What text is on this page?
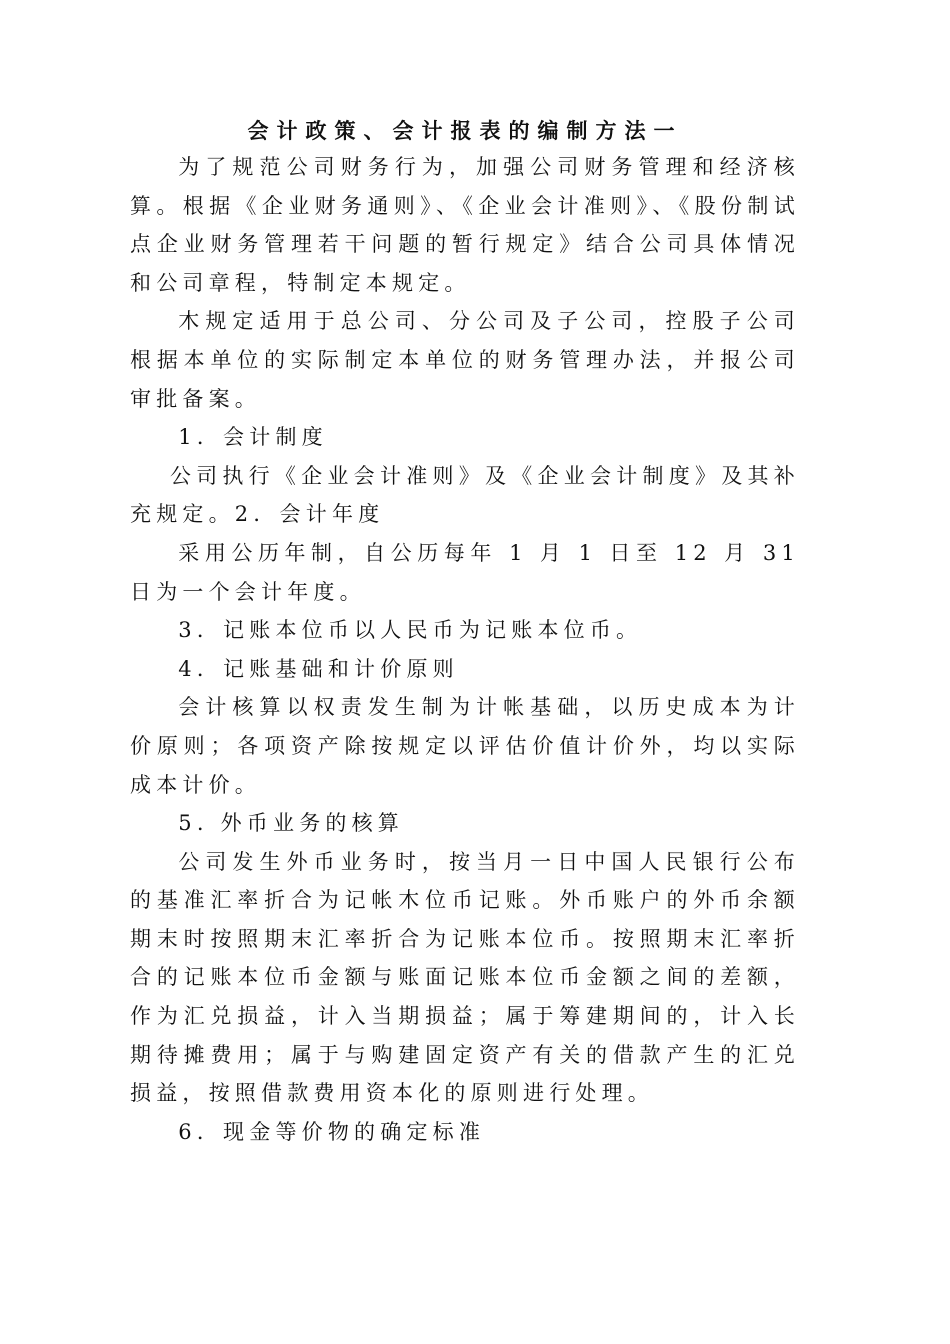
会计政策、会计报表的编制方法一

为了规范公司财务行为，加强公司财务管理和经济核算。根据《企业财务通则》、《企业会计准则》、《股份制试点企业财务管理若干问题的暂行规定》结合公司具体情况和公司章程，特制定本规定。

木规定适用于总公司、分公司及子公司，控股子公司根据本单位的实际制定本单位的财务管理办法，并报公司审批备案。

1．会计制度

公司执行《企业会计准则》及《企业会计制度》及其补充规定。2．会计年度

采用公历年制，自公历每年 1 月 1 日至 12 月 31 日为一个会计年度。

3．记账本位币以人民币为记账本位币。

4．记账基础和计价原则

会计核算以权责发生制为计帐基础，以历史成本为计价原则；各项资产除按规定以评估价值计价外，均以实际成本计价。

5. 外币业务的核算

公司发生外币业务时，按当月一日中国人民银行公布的基准汇率折合为记帐木位币记账。外币账户的外币余额期末时按照期末汇率折合为记账本位币。按照期末汇率折合的记账本位币金额与账面记账本位币金额之间的差额，作为汇兑损益，计入当期损益；属于筹建期间的，计入长期待摊费用；属于与购建固定资产有关的借款产生的汇兑损益，按照借款费用资本化的原则进行处理。

6．现金等价物的确定标准
